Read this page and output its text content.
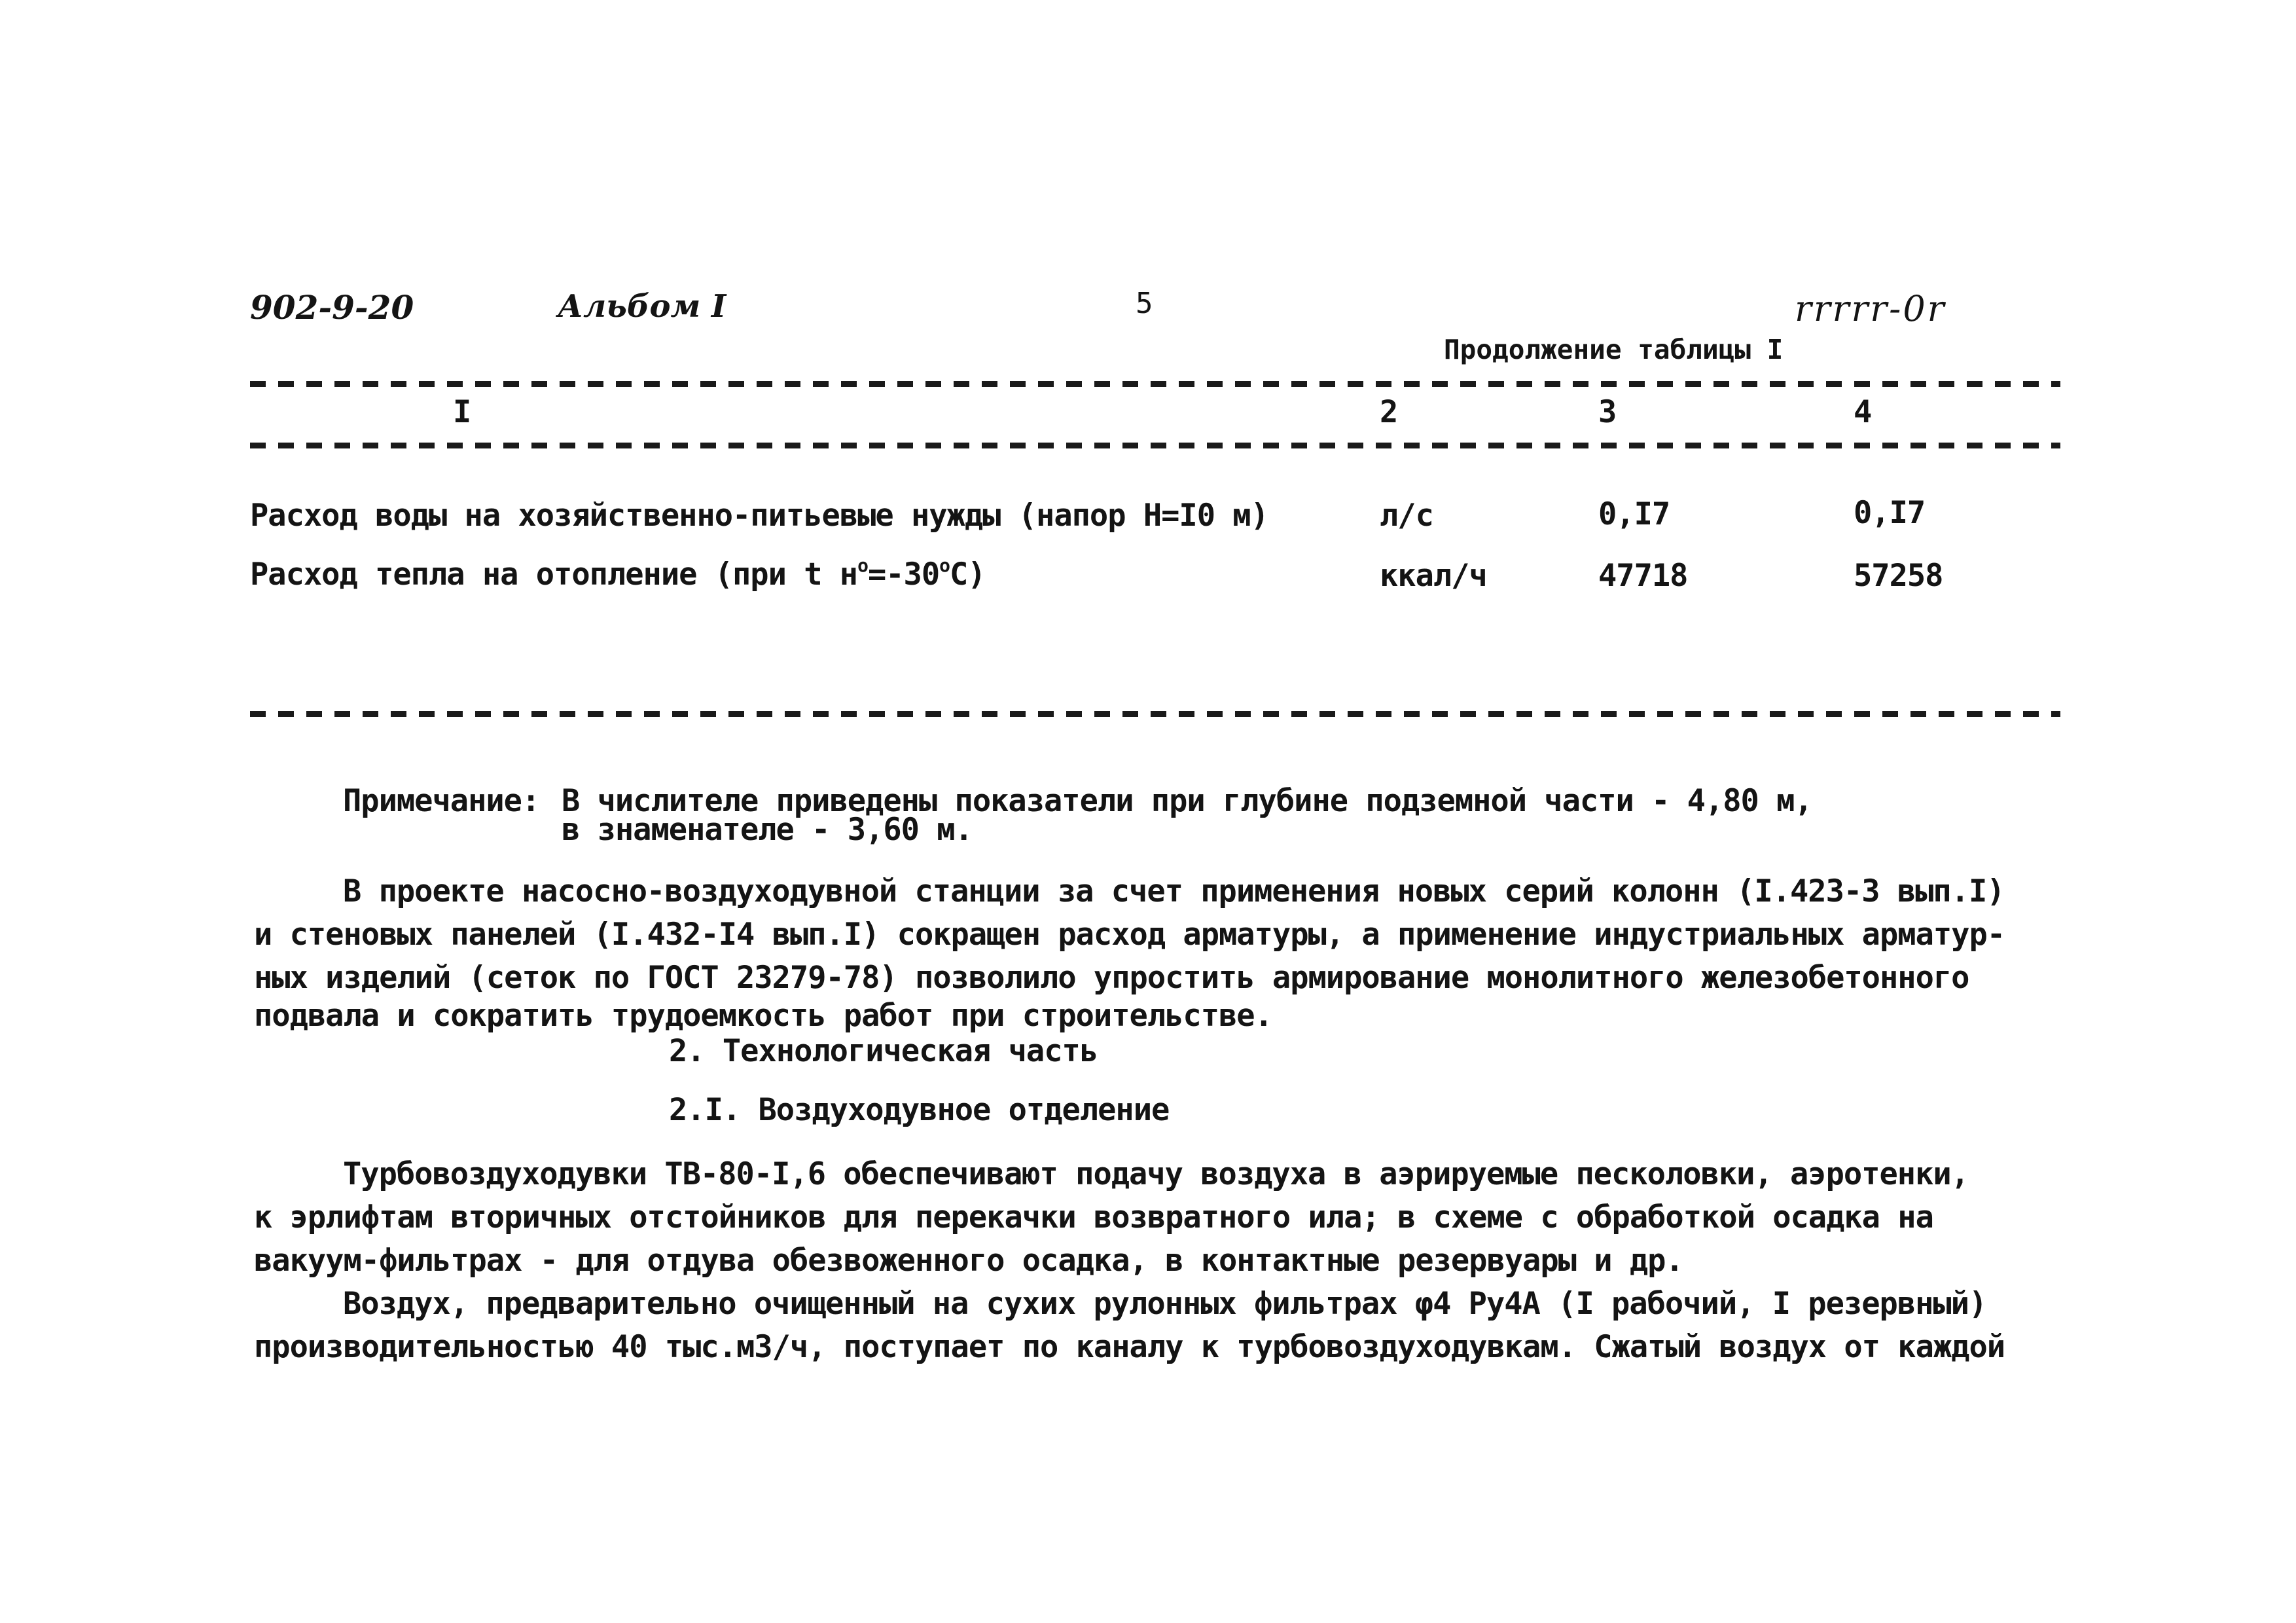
902-9-20	Альбом I	5	rrrrr-0r
Продолжение таблицы I
I	2	3	4
Расход воды на хозяйственно-питьевые нужды (напор H=I0 м)	л/с	0,I7	0,I7
Расход тепла на отопление (при t $н^o=-30^oC$)	ккал/ч	47718	57258
Примечание: В числителе приведены показатели при глубине подземной части - 4,80 м,
в знаменателе - 3,60 м.
В проекте насосно-воздуходувной станции за счет применения новых серий колонн (I.423-3 вып.I)
и стеновых панелей (I.432-I4 вып.I) сокращен расход арматуры, а применение индустриальных арматур-
ных изделий (сеток по ГОСТ 23279-78) позволило упростить армирование монолитного железобетонного
подвала и сократить трудоемкость работ при строительстве.
2. Технологическая часть
2.I. Воздуходувное отделение
Турбовоздуходувки ТВ-80-I,6 обеспечивают подачу воздуха в аэрируемые песколовки, аэротенки,
к эрлифтам вторичных отстойников для перекачки возвратного ила; в схеме с обработкой осадка на
вакуум-фильтрах - для отдува обезвоженного осадка, в контактные резервуары и др.
Воздух, предварительно очищенный на сухих рулонных фильтрах φ4 Ру4А (I рабочий, I резервный)
производительностью 40 тыс.м3/ч, поступает по каналу к турбовоздуходувкам. Сжатый воздух от каждой
